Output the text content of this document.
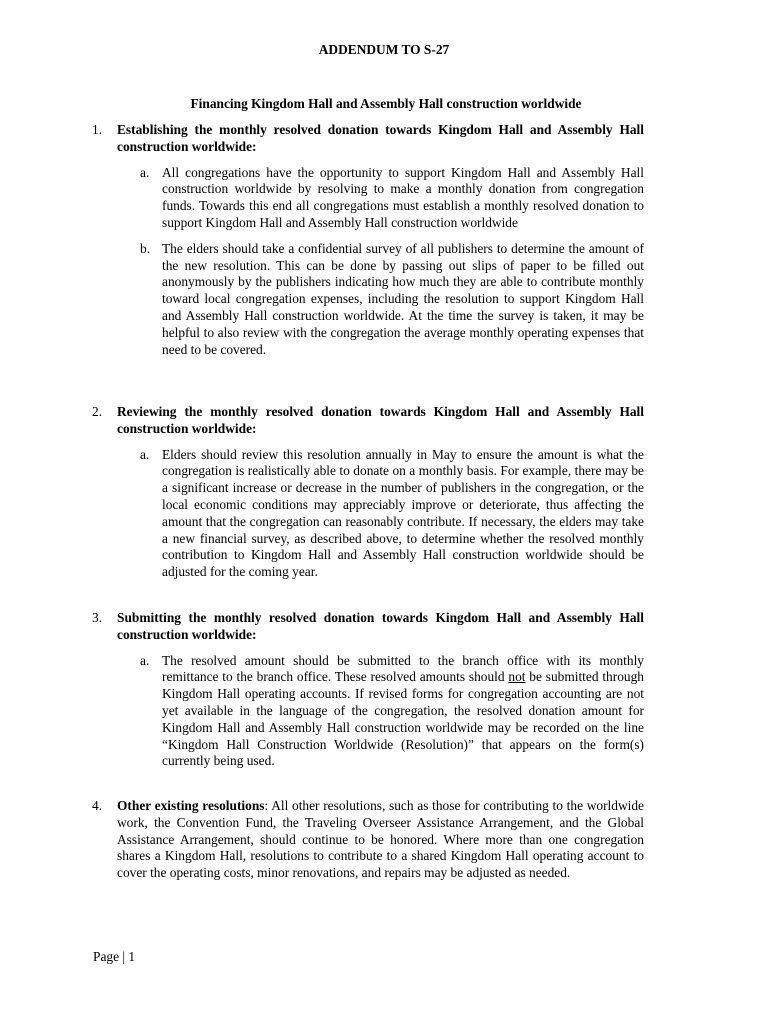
ADDENDUM TO S-27
Financing Kingdom Hall and Assembly Hall construction worldwide
1. Establishing the monthly resolved donation towards Kingdom Hall and Assembly Hall construction worldwide:
a. All congregations have the opportunity to support Kingdom Hall and Assembly Hall construction worldwide by resolving to make a monthly donation from congregation funds. Towards this end all congregations must establish a monthly resolved donation to support Kingdom Hall and Assembly Hall construction worldwide
b. The elders should take a confidential survey of all publishers to determine the amount of the new resolution. This can be done by passing out slips of paper to be filled out anonymously by the publishers indicating how much they are able to contribute monthly toward local congregation expenses, including the resolution to support Kingdom Hall and Assembly Hall construction worldwide. At the time the survey is taken, it may be helpful to also review with the congregation the average monthly operating expenses that need to be covered.
2. Reviewing the monthly resolved donation towards Kingdom Hall and Assembly Hall construction worldwide:
a. Elders should review this resolution annually in May to ensure the amount is what the congregation is realistically able to donate on a monthly basis. For example, there may be a significant increase or decrease in the number of publishers in the congregation, or the local economic conditions may appreciably improve or deteriorate, thus affecting the amount that the congregation can reasonably contribute. If necessary, the elders may take a new financial survey, as described above, to determine whether the resolved monthly contribution to Kingdom Hall and Assembly Hall construction worldwide should be adjusted for the coming year.
3. Submitting the monthly resolved donation towards Kingdom Hall and Assembly Hall construction worldwide:
a. The resolved amount should be submitted to the branch office with its monthly remittance to the branch office. These resolved amounts should not be submitted through Kingdom Hall operating accounts. If revised forms for congregation accounting are not yet available in the language of the congregation, the resolved donation amount for Kingdom Hall and Assembly Hall construction worldwide may be recorded on the line “Kingdom Hall Construction Worldwide (Resolution)” that appears on the form(s) currently being used.
4. Other existing resolutions: All other resolutions, such as those for contributing to the worldwide work, the Convention Fund, the Traveling Overseer Assistance Arrangement, and the Global Assistance Arrangement, should continue to be honored. Where more than one congregation shares a Kingdom Hall, resolutions to contribute to a shared Kingdom Hall operating account to cover the operating costs, minor renovations, and repairs may be adjusted as needed.
Page | 1
